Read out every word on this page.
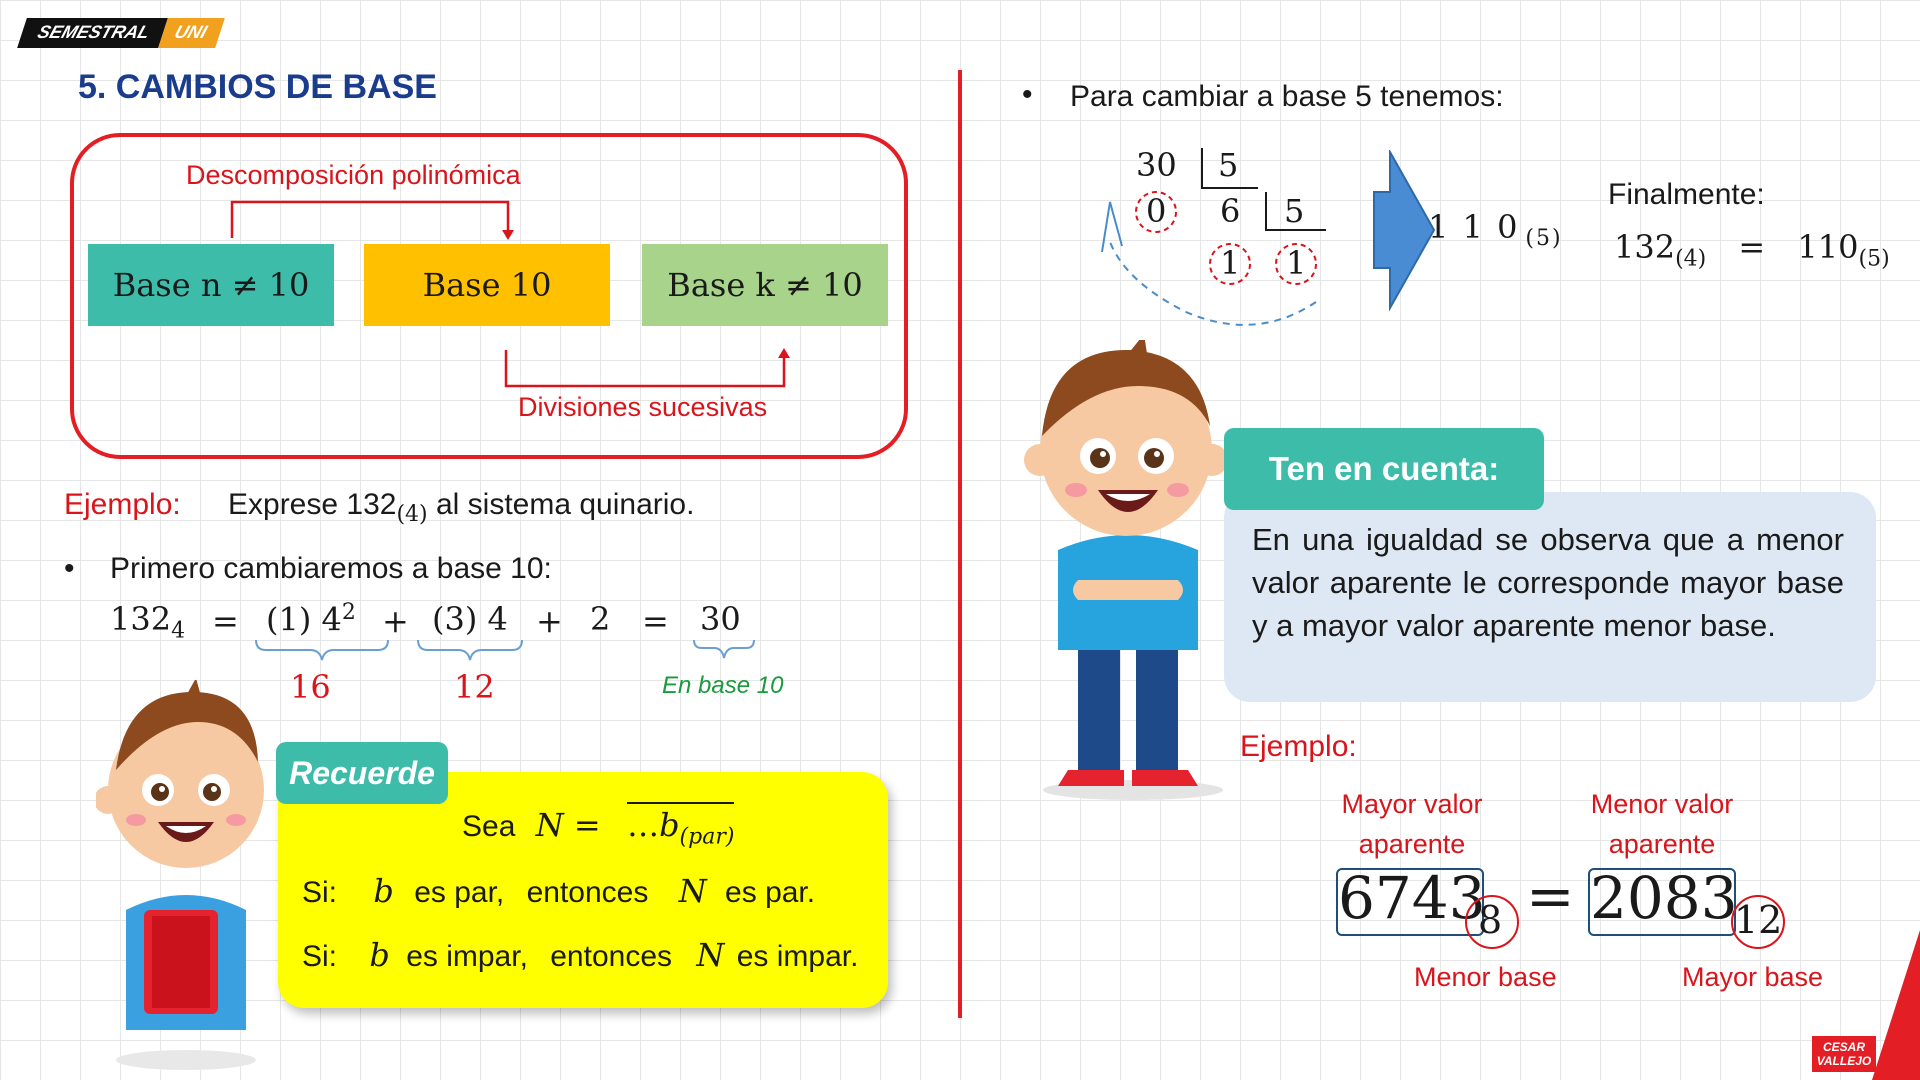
SEMESTRAL	UNI
5. CAMBIOS DE BASE
Descomposición polinómica
Base n ≠ 10	Base 10	Base k ≠ 10
Divisiones sucesivas
Ejemplo: Exprese $132_{(4)}$ al sistema quinario.
• Primero cambiaremos a base 10:
$132_4 = (1) 4^2 + (3) 4 + 2 = 30$
16	12	En base 10
Recuerde
Sea $N = \dots b_{(par)}$
Si: b es par, entonces N es par.
Si: b es impar, entonces N es impar.
• Para cambiar a base 5 tenemos:
30 5
0 6 5
1 1
1 1 0 $_{(5)}$
Finalmente:
$132_{(4)} = 110_{(5)}$
Ten en cuenta:
En una igualdad se observa que a menor valor aparente le corresponde mayor base y a mayor valor aparente menor base.
Ejemplo:
Mayor valor
aparente
Menor valor
aparente
6743
8 = 2083
12
Menor base	Mayor base
CESAR
VALLEJO
